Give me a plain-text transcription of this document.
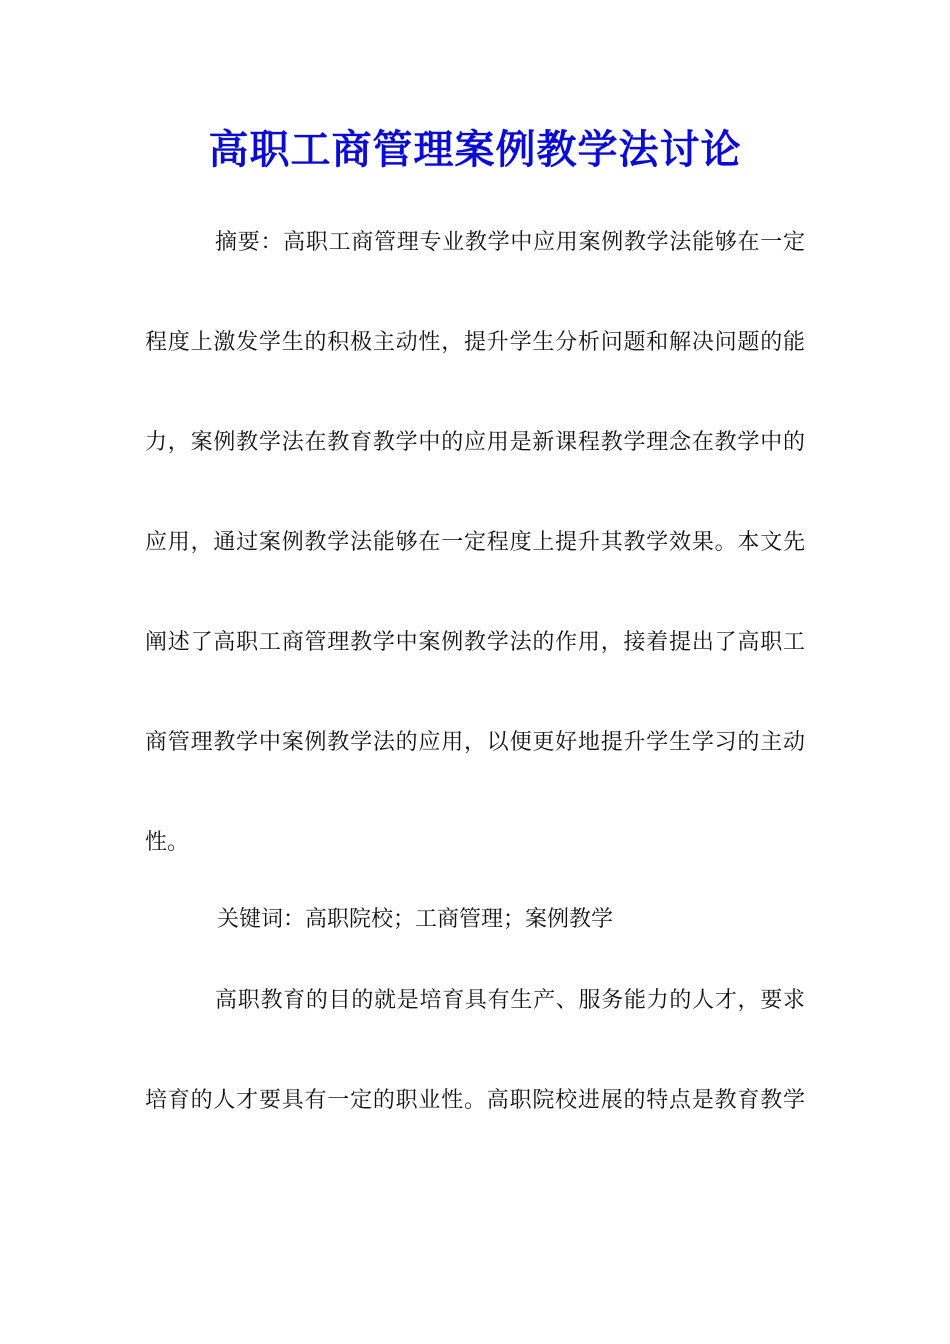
高职工商管理案例教学法讨论
摘要：高职工商管理专业教学中应用案例教学法能够在一定
程度上激发学生的积极主动性，提升学生分析问题和解决问题的能
力，案例教学法在教育教学中的应用是新课程教学理念在教学中的
应用，通过案例教学法能够在一定程度上提升其教学效果。本文先
阐述了高职工商管理教学中案例教学法的作用，接着提出了高职工
商管理教学中案例教学法的应用，以便更好地提升学生学习的主动
性。
关键词：高职院校；工商管理；案例教学
高职教育的目的就是培育具有生产、服务能力的人才，要求
培育的人才要具有一定的职业性。高职院校进展的特点是教育教学
